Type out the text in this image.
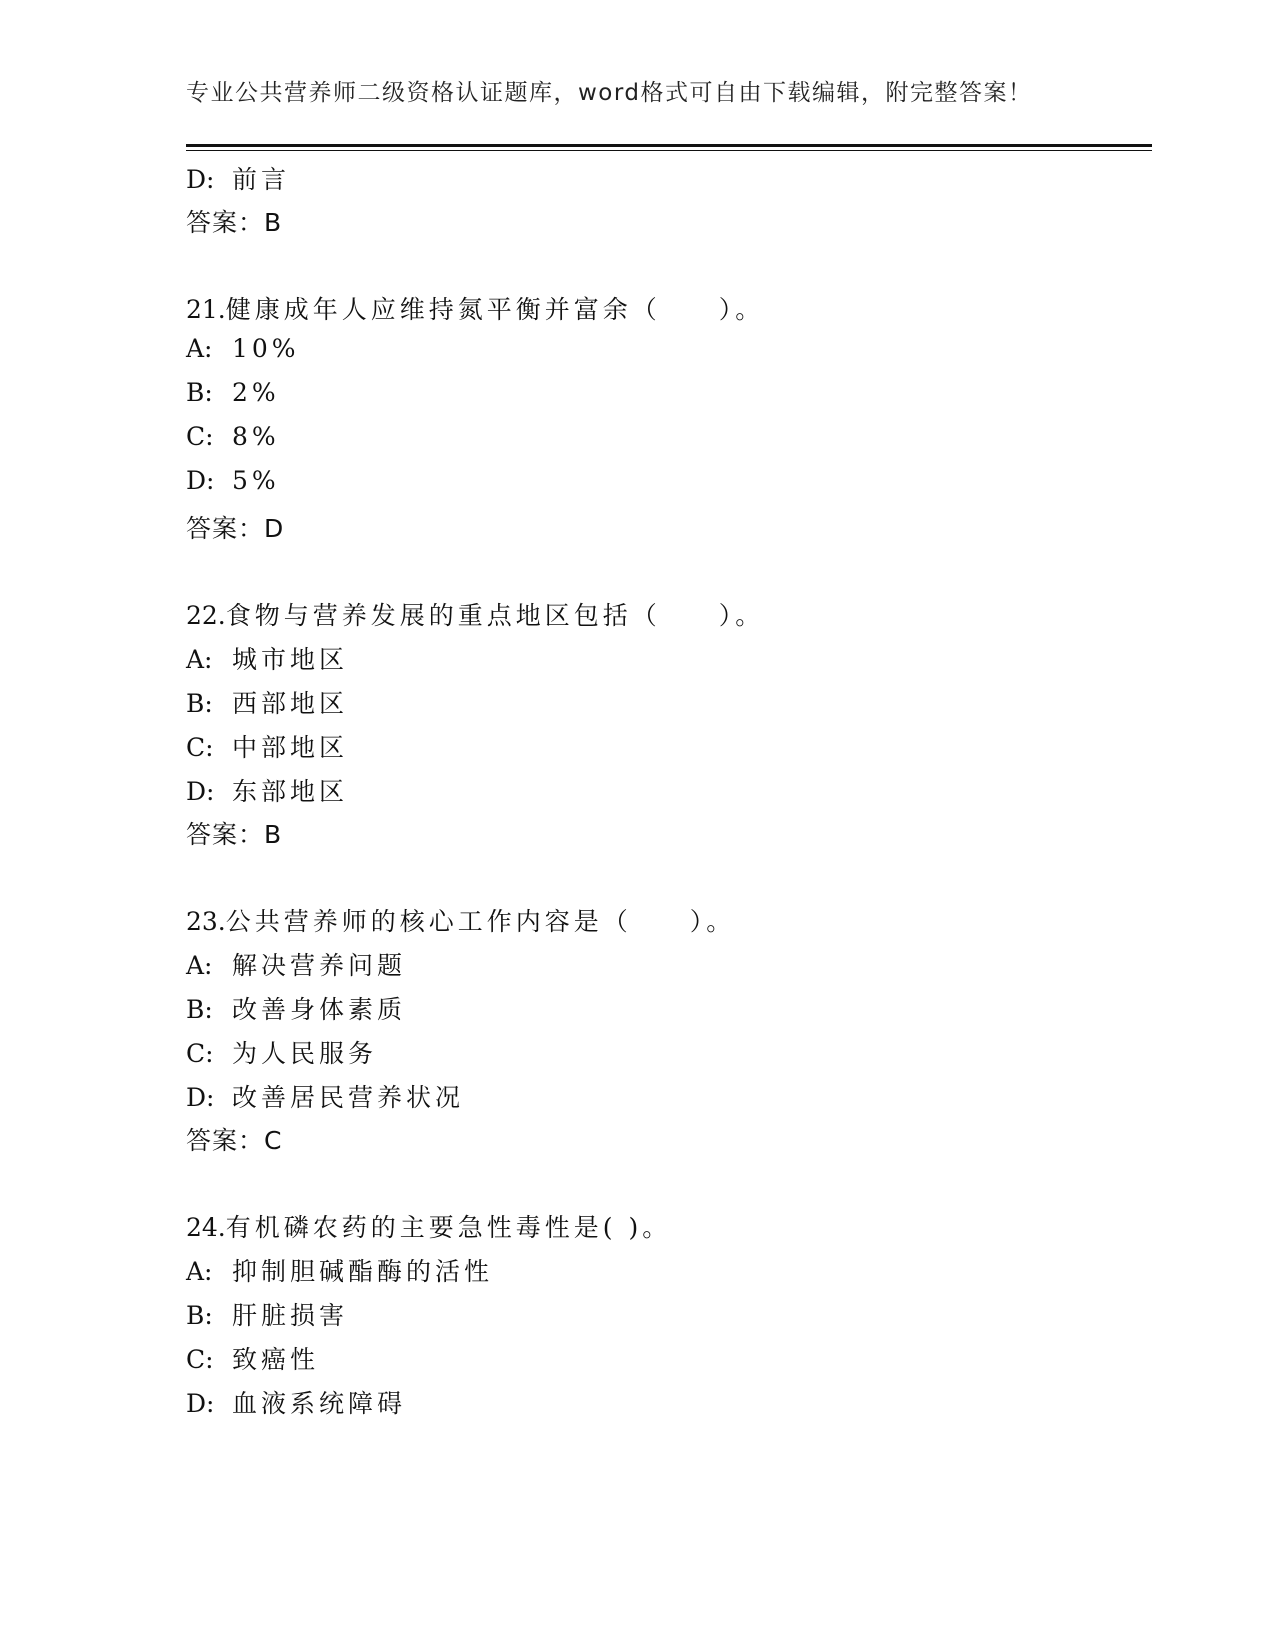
专业公共营养师二级资格认证题库，word格式可自由下载编辑，附完整答案！
D: 前言
答案：B
21.健康成年人应维持氮平衡并富余（　　）。
A: 10%
B: 2%
C: 8%
D: 5%
答案：D
22.食物与营养发展的重点地区包括（　　）。
A: 城市地区
B: 西部地区
C: 中部地区
D: 东部地区
答案：B
23.公共营养师的核心工作内容是（　　）。
A: 解决营养问题
B: 改善身体素质
C: 为人民服务
D: 改善居民营养状况
答案：C
24.有机磷农药的主要急性毒性是( )。
A: 抑制胆碱酯酶的活性
B: 肝脏损害
C: 致癌性
D: 血液系统障碍
